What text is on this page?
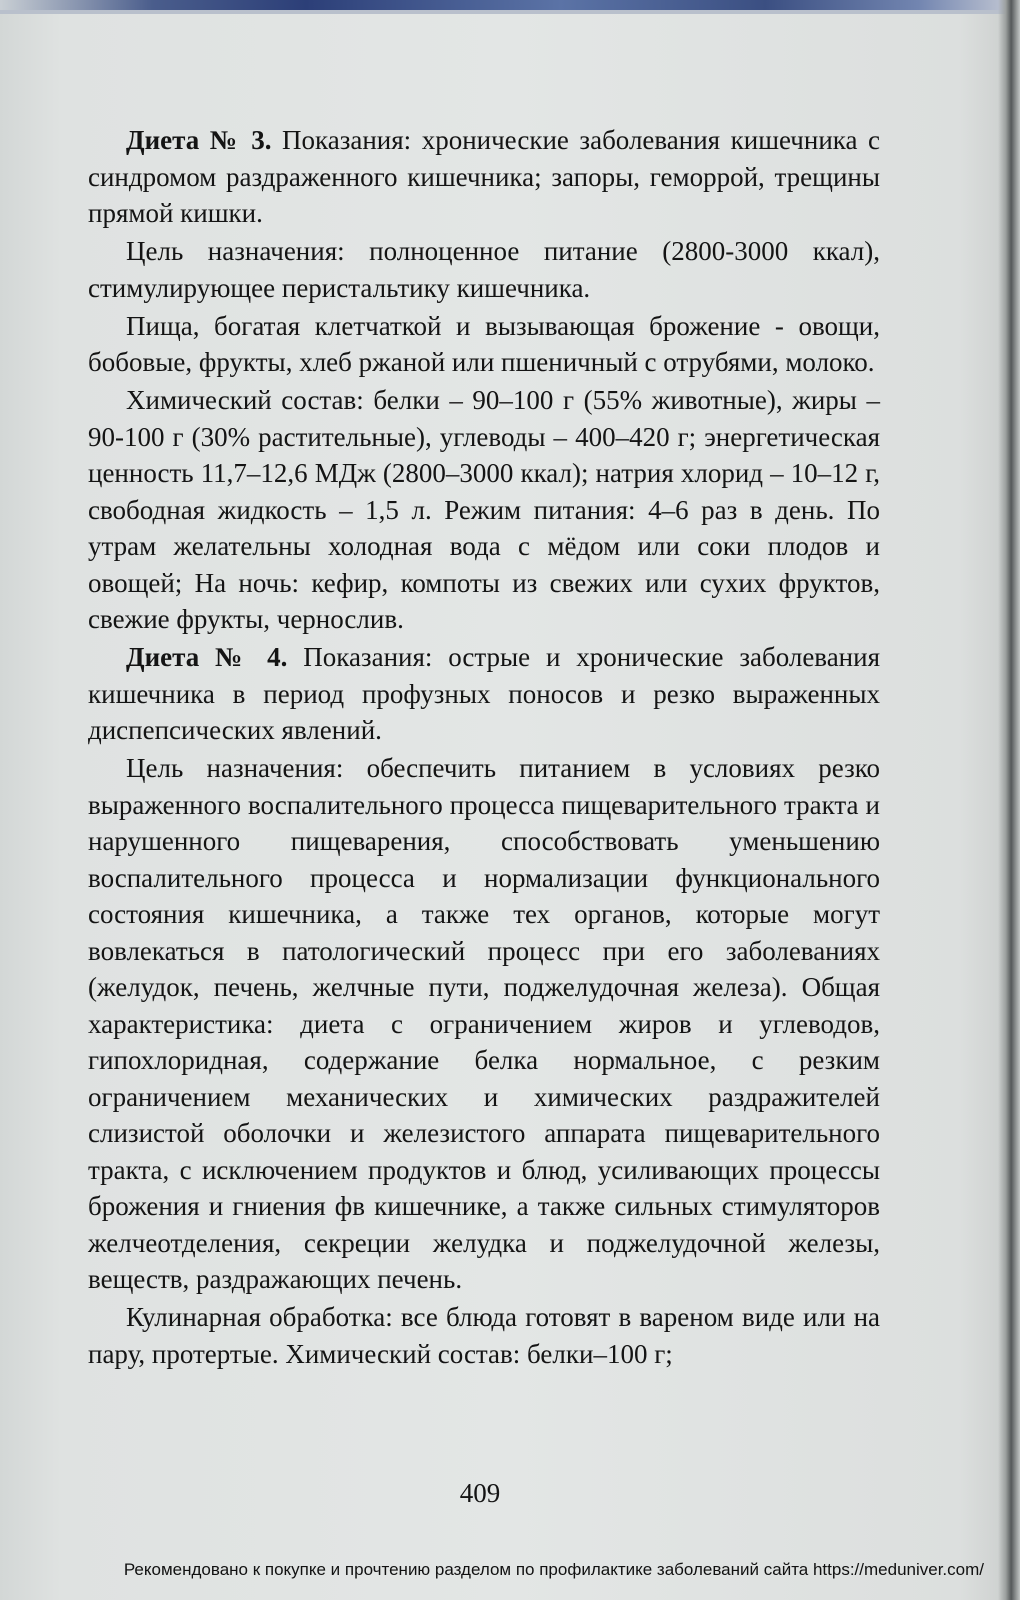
Диета № 3. Показания: хронические заболевания кишечника с синдромом раздраженного кишечника; запоры, геморрой, трещины прямой кишки.

Цель назначения: полноценное питание (2800-3000 ккал), стимулирующее перистальтику кишечника.

Пища, богатая клетчаткой и вызывающая брожение - овощи, бобовые, фрукты, хлеб ржаной или пшеничный с отрубями, молоко.

Химический состав: белки – 90–100 г (55% животные), жиры – 90-100 г (30% растительные), углеводы – 400–420 г; энергетическая ценность 11,7–12,6 МДж (2800–3000 ккал); натрия хлорид – 10–12 г, свободная жидкость – 1,5 л. Режим питания: 4–6 раз в день. По утрам желательны холодная вода с мёдом или соки плодов и овощей; На ночь: кефир, компоты из свежих или сухих фруктов, свежие фрукты, чернослив.

Диета № 4. Показания: острые и хронические заболевания кишечника в период профузных поносов и резко выраженных диспепсических явлений.

Цель назначения: обеспечить питанием в условиях резко выраженного воспалительного процесса пищеварительного тракта и нарушенного пищеварения, способствовать уменьшению воспалительного процесса и нормализации функционального состояния кишечника, а также тех органов, которые могут вовлекаться в патологический процесс при его заболеваниях (желудок, печень, желчные пути, поджелудочная железа). Общая характеристика: диета с ограничением жиров и углеводов, гипохлоридная, содержание белка нормальное, с резким ограничением механических и химических раздражителей слизистой оболочки и железистого аппарата пищеварительного тракта, с исключением продуктов и блюд, усиливающих процессы брожения и гниения фв кишечнике, а также сильных стимуляторов желчеотделения, секреции желудка и поджелудочной железы, веществ, раздражающих печень.

Кулинарная обработка: все блюда готовят в вареном виде или на пару, протертые. Химический состав: белки–100 г;

409
Рекомендовано к покупке и прочтению разделом по профилактике заболеваний сайта https://meduniver.com/
